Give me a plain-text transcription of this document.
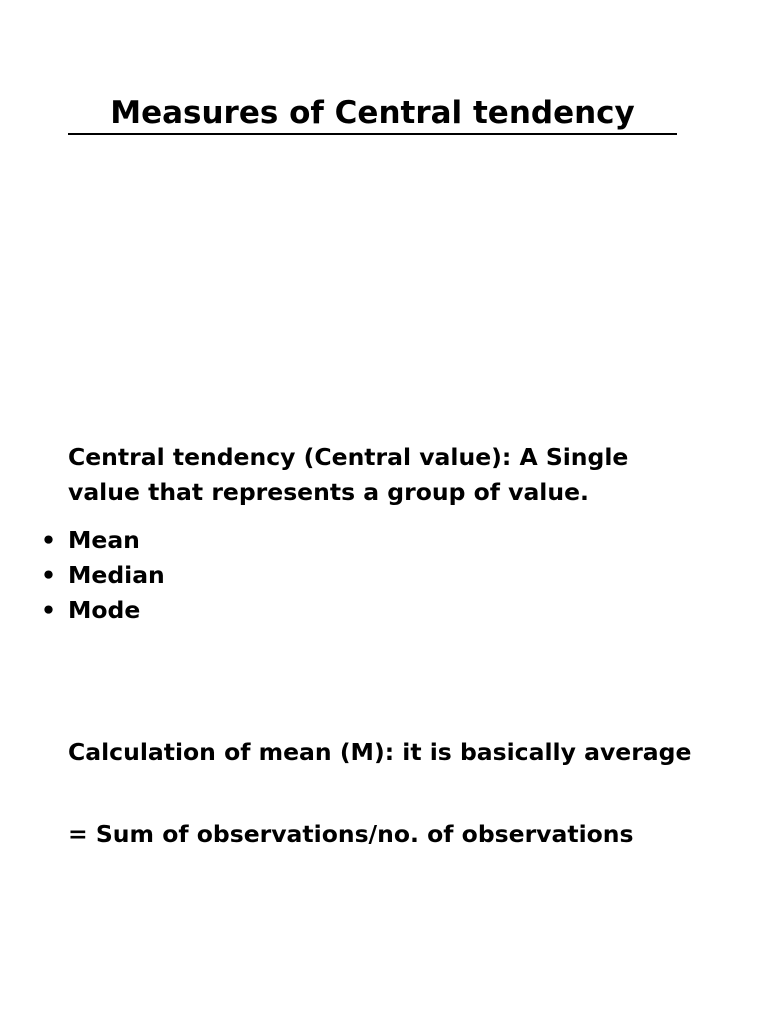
Measures of Central tendency

Central tendency (Central value): A Single value that represents a group of value.

• Mean
• Median
• Mode

Calculation of mean (M): it is basically average

= Sum of observations/no. of observations
